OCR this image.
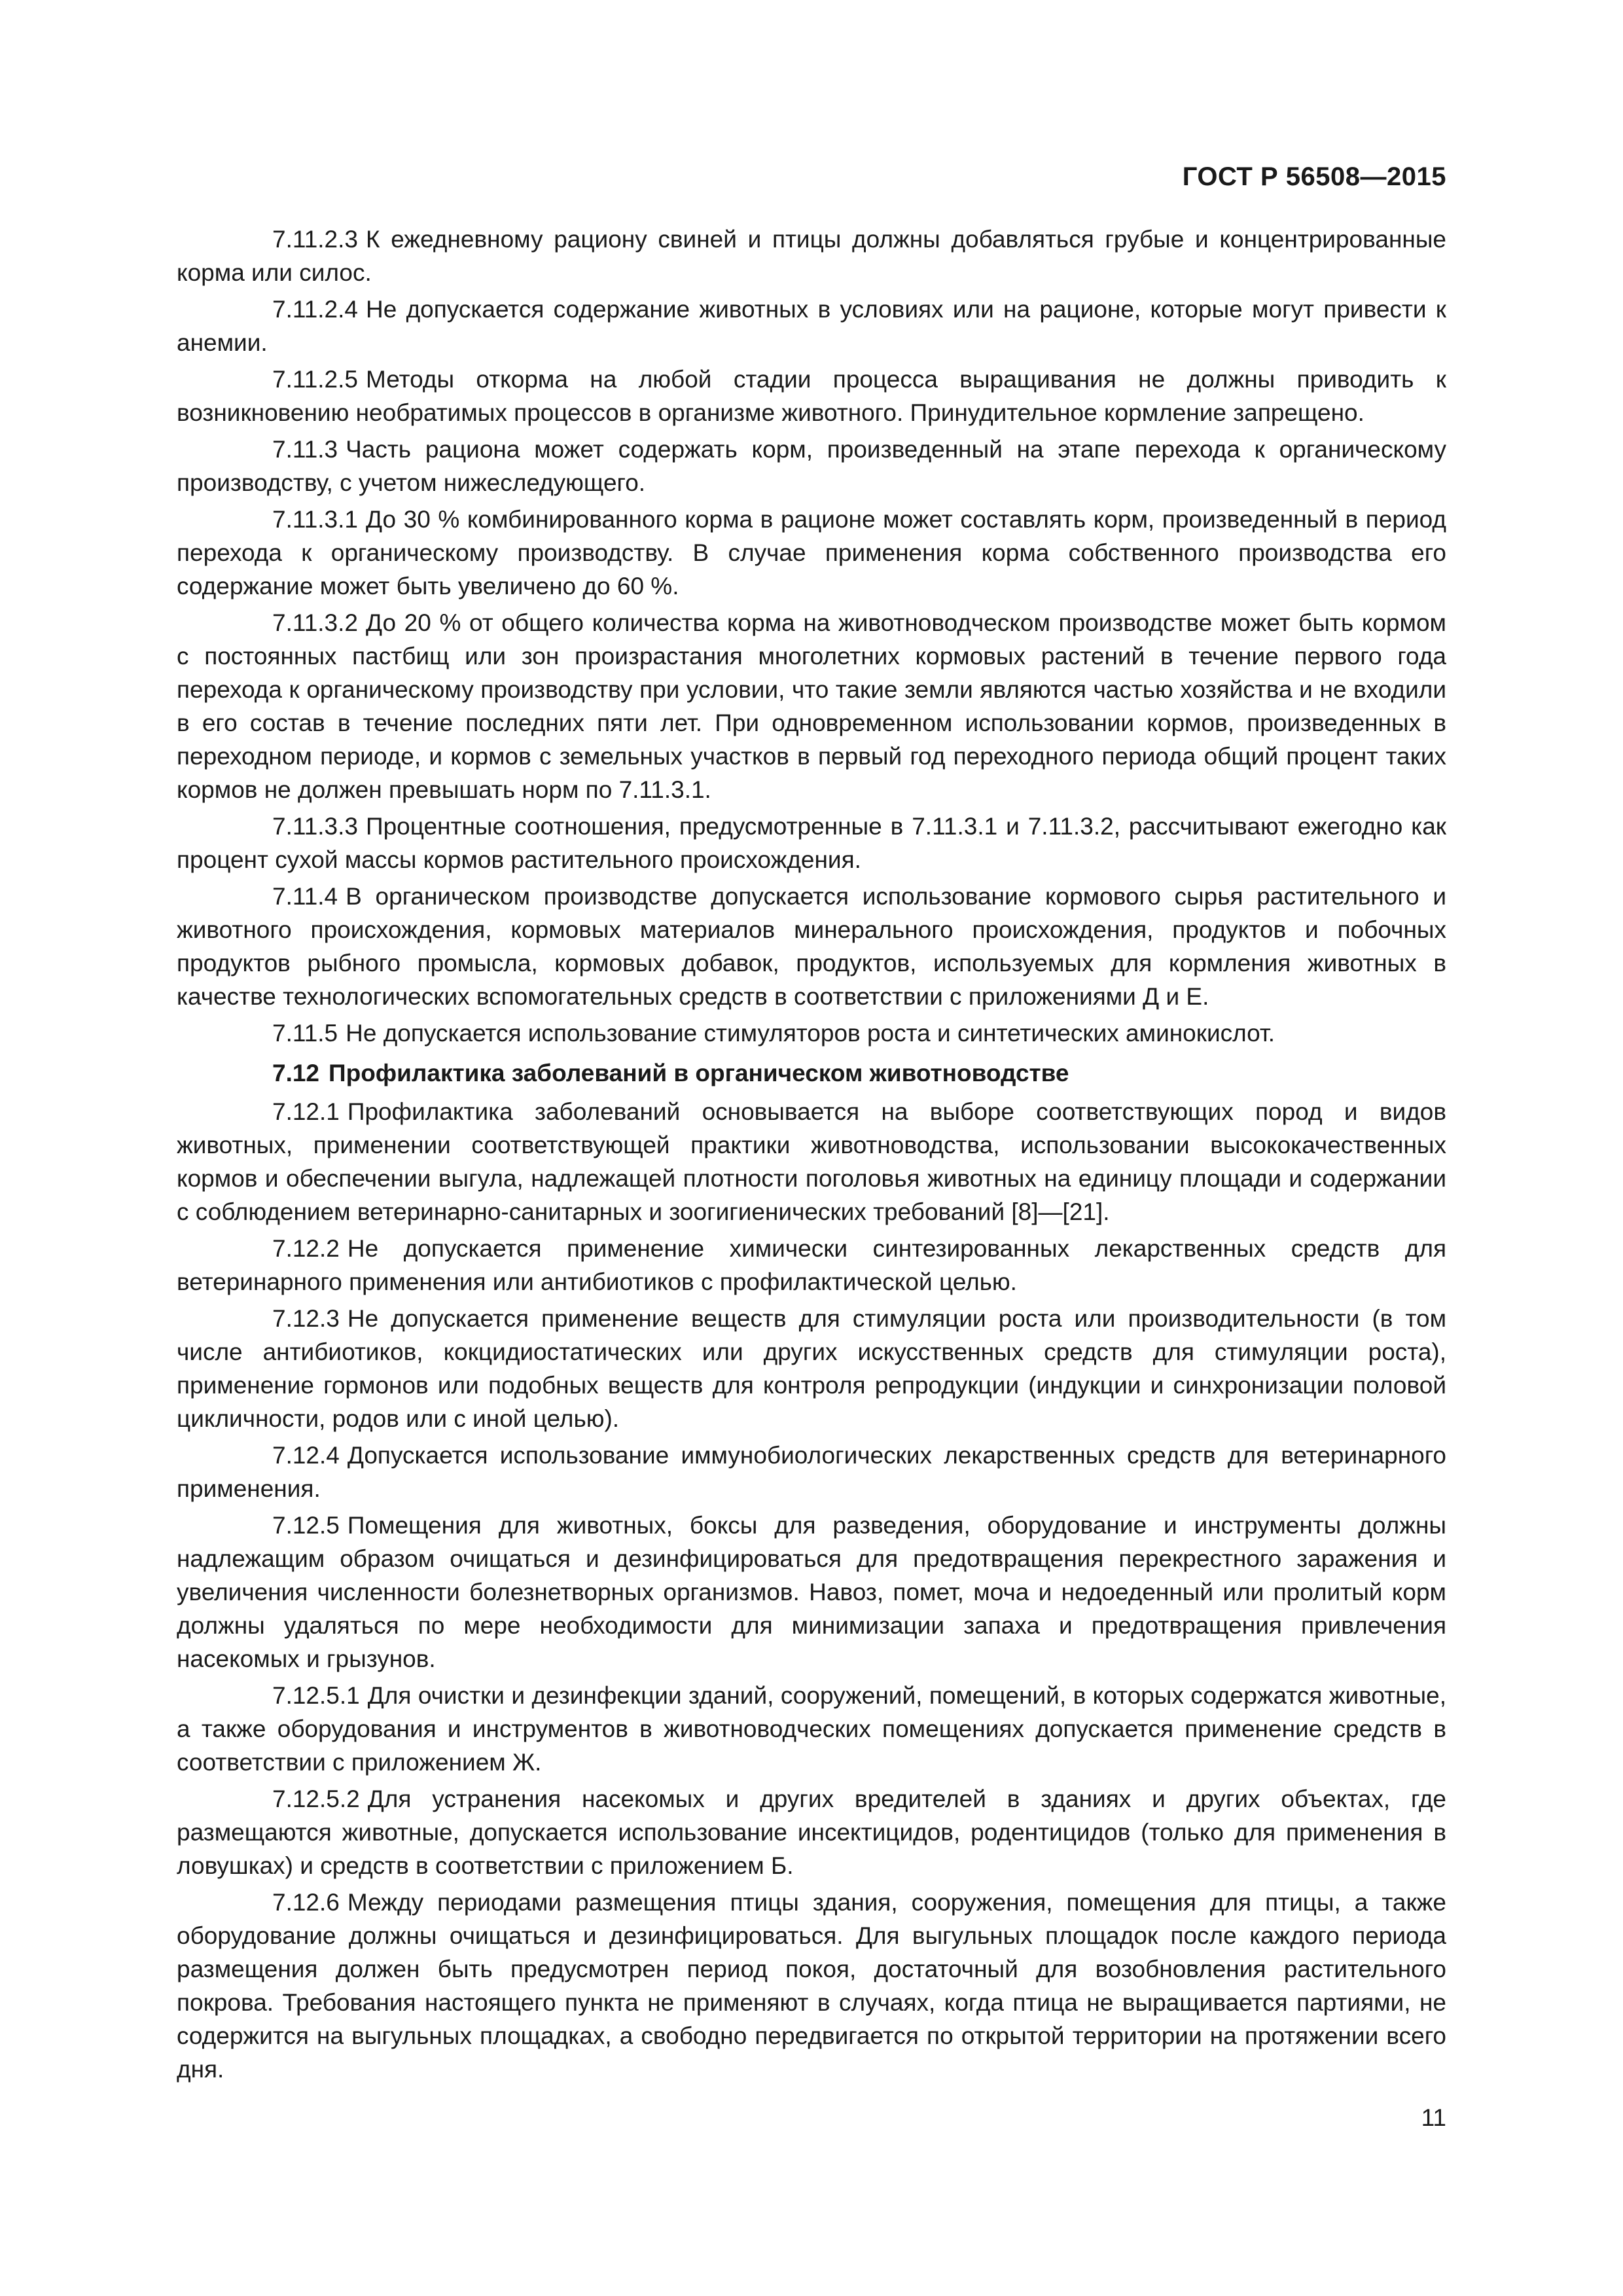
ГОСТ Р 56508—2015

7.11.2.3 К ежедневному рациону свиней и птицы должны добавляться грубые и концентрированные корма или силос.

7.11.2.4 Не допускается содержание животных в условиях или на рационе, которые могут привести к анемии.

7.11.2.5 Методы откорма на любой стадии процесса выращивания не должны приводить к возникновению необратимых процессов в организме животного. Принудительное кормление запрещено.

7.11.3 Часть рациона может содержать корм, произведенный на этапе перехода к органическому производству, с учетом нижеследующего.

7.11.3.1 До 30 % комбинированного корма в рационе может составлять корм, произведенный в период перехода к органическому производству. В случае применения корма собственного производства его содержание может быть увеличено до 60 %.

7.11.3.2 До 20 % от общего количества корма на животноводческом производстве может быть кормом с постоянных пастбищ или зон произрастания многолетних кормовых растений в течение первого года перехода к органическому производству при условии, что такие земли являются частью хозяйства и не входили в его состав в течение последних пяти лет. При одновременном использовании кормов, произведенных в переходном периоде, и кормов с земельных участков в первый год переходного периода общий процент таких кормов не должен превышать норм по 7.11.3.1.

7.11.3.3 Процентные соотношения, предусмотренные в 7.11.3.1 и 7.11.3.2, рассчитывают ежегодно как процент сухой массы кормов растительного происхождения.

7.11.4 В органическом производстве допускается использование кормового сырья растительного и животного происхождения, кормовых материалов минерального происхождения, продуктов и побочных продуктов рыбного промысла, кормовых добавок, продуктов, используемых для кормления животных в качестве технологических вспомогательных средств в соответствии с приложениями Д и Е.

7.11.5 Не допускается использование стимуляторов роста и синтетических аминокислот.

7.12 Профилактика заболеваний в органическом животноводстве

7.12.1 Профилактика заболеваний основывается на выборе соответствующих пород и видов животных, применении соответствующей практики животноводства, использовании высококачественных кормов и обеспечении выгула, надлежащей плотности поголовья животных на единицу площади и содержании с соблюдением ветеринарно-санитарных и зоогигиенических требований [8]—[21].

7.12.2 Не допускается применение химически синтезированных лекарственных средств для ветеринарного применения или антибиотиков с профилактической целью.

7.12.3 Не допускается применение веществ для стимуляции роста или производительности (в том числе антибиотиков, кокцидиостатических или других искусственных средств для стимуляции роста), применение гормонов или подобных веществ для контроля репродукции (индукции и синхронизации половой цикличности, родов или с иной целью).

7.12.4 Допускается использование иммунобиологических лекарственных средств для ветеринарного применения.

7.12.5 Помещения для животных, боксы для разведения, оборудование и инструменты должны надлежащим образом очищаться и дезинфицироваться для предотвращения перекрестного заражения и увеличения численности болезнетворных организмов. Навоз, помет, моча и недоеденный или пролитый корм должны удаляться по мере необходимости для минимизации запаха и предотвращения привлечения насекомых и грызунов.

7.12.5.1 Для очистки и дезинфекции зданий, сооружений, помещений, в которых содержатся животные, а также оборудования и инструментов в животноводческих помещениях допускается применение средств в соответствии с приложением Ж.

7.12.5.2 Для устранения насекомых и других вредителей в зданиях и других объектах, где размещаются животные, допускается использование инсектицидов, родентицидов (только для применения в ловушках) и средств в соответствии с приложением Б.

7.12.6 Между периодами размещения птицы здания, сооружения, помещения для птицы, а также оборудование должны очищаться и дезинфицироваться. Для выгульных площадок после каждого периода размещения должен быть предусмотрен период покоя, достаточный для возобновления растительного покрова. Требования настоящего пункта не применяют в случаях, когда птица не выращивается партиями, не содержится на выгульных площадках, а свободно передвигается по открытой территории на протяжении всего дня.

11
